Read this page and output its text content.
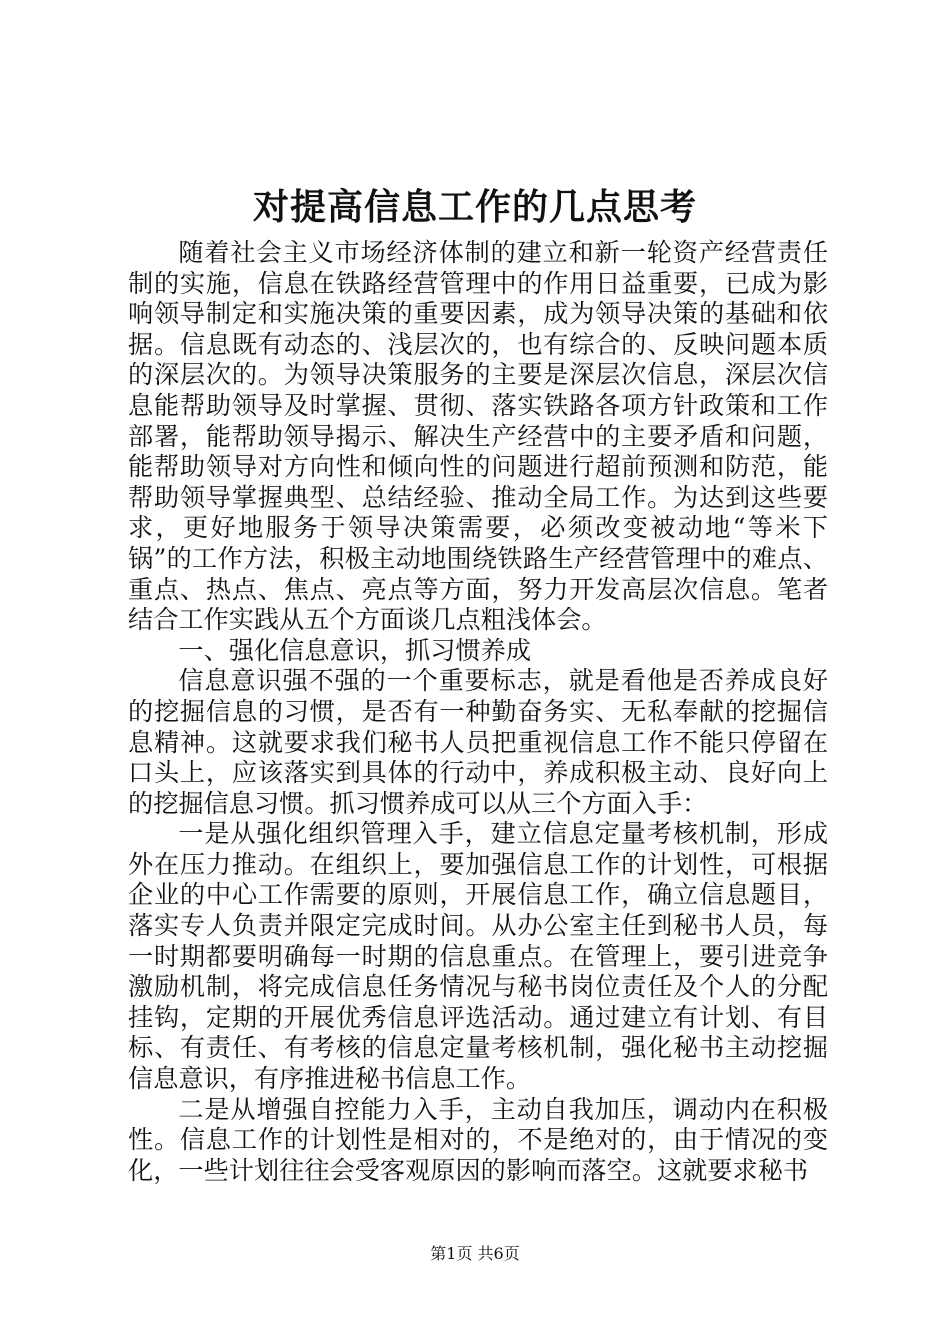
对提高信息工作的几点思考

随着社会主义市场经济体制的建立和新一轮资产经营责任制的实施，信息在铁路经营管理中的作用日益重要，已成为影响领导制定和实施决策的重要因素，成为领导决策的基础和依据。信息既有动态的、浅层次的，也有综合的、反映问题本质的深层次的。为领导决策服务的主要是深层次信息，深层次信息能帮助领导及时掌握、贯彻、落实铁路各项方针政策和工作部署，能帮助领导揭示、解决生产经营中的主要矛盾和问题，能帮助领导对方向性和倾向性的问题进行超前预测和防范，能帮助领导掌握典型、总结经验、推动全局工作。为达到这些要求，更好地服务于领导决策需要，必须改变被动地“等米下锅”的工作方法，积极主动地围绕铁路生产经营管理中的难点、重点、热点、焦点、亮点等方面，努力开发高层次信息。笔者结合工作实践从五个方面谈几点粗浅体会。

一、强化信息意识，抓习惯养成

信息意识强不强的一个重要标志，就是看他是否养成良好的挖掘信息的习惯，是否有一种勤奋务实、无私奉献的挖掘信息精神。这就要求我们秘书人员把重视信息工作不能只停留在口头上，应该落实到具体的行动中，养成积极主动、良好向上的挖掘信息习惯。抓习惯养成可以从三个方面入手：

一是从强化组织管理入手，建立信息定量考核机制，形成外在压力推动。在组织上，要加强信息工作的计划性，可根据企业的中心工作需要的原则，开展信息工作，确立信息题目，落实专人负责并限定完成时间。从办公室主任到秘书人员，每一时期都要明确每一时期的信息重点。在管理上，要引进竞争激励机制，将完成信息任务情况与秘书岗位责任及个人的分配挂钩，定期的开展优秀信息评选活动。通过建立有计划、有目标、有责任、有考核的信息定量考核机制，强化秘书主动挖掘信息意识，有序推进秘书信息工作。

二是从增强自控能力入手，主动自我加压，调动内在积极性。信息工作的计划性是相对的，不是绝对的，由于情况的变化，一些计划往往会受客观原因的影响而落空。这就要求秘书

第1页 共6页
